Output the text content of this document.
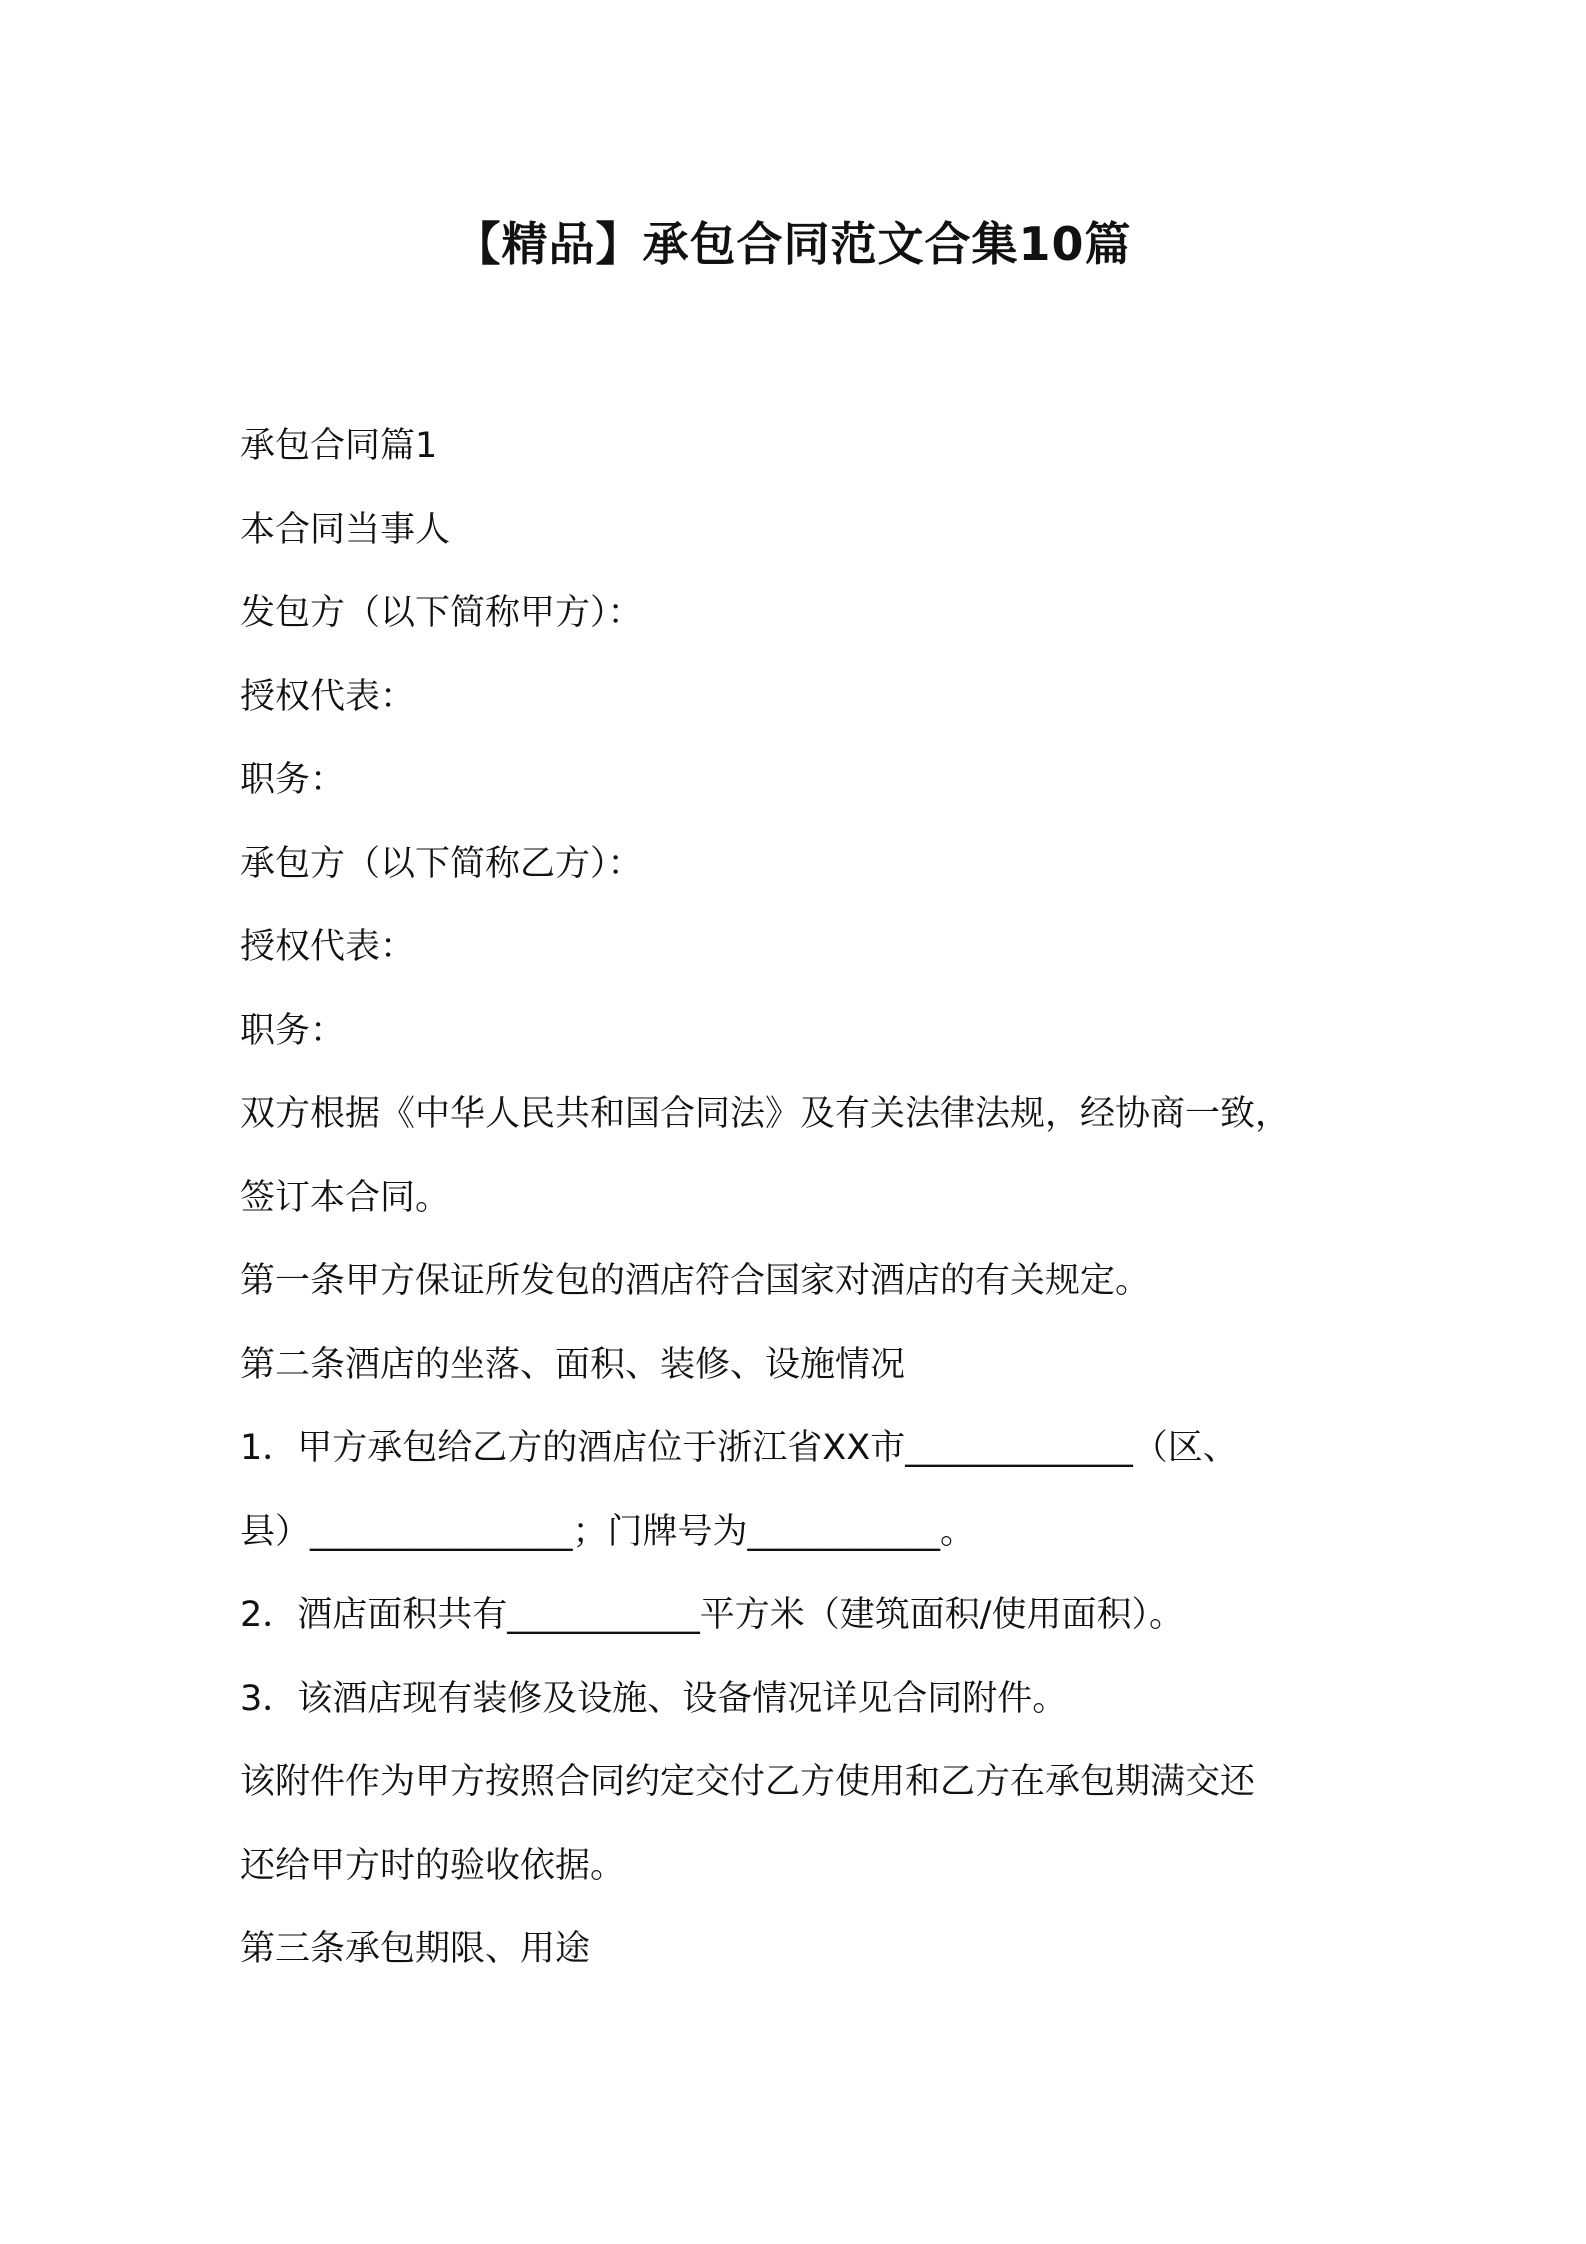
【精品】承包合同范文合集10篇
承包合同篇1
本合同当事人
发包方（以下简称甲方）：
授权代表：
职务：
承包方（以下简称乙方）：
授权代表：
职务：
双方根据《中华人民共和国合同法》及有关法律法规，经协商一致，
签订本合同。
第一条甲方保证所发包的酒店符合国家对酒店的有关规定。
第二条酒店的坐落、面积、装修、设施情况
1．甲方承包给乙方的酒店位于浙江省XX市_____________（区、
县）_______________；门牌号为___________。
2．酒店面积共有___________平方米（建筑面积/使用面积）。
3．该酒店现有装修及设施、设备情况详见合同附件。
该附件作为甲方按照合同约定交付乙方使用和乙方在承包期满交还
还给甲方时的验收依据。
第三条承包期限、用途
